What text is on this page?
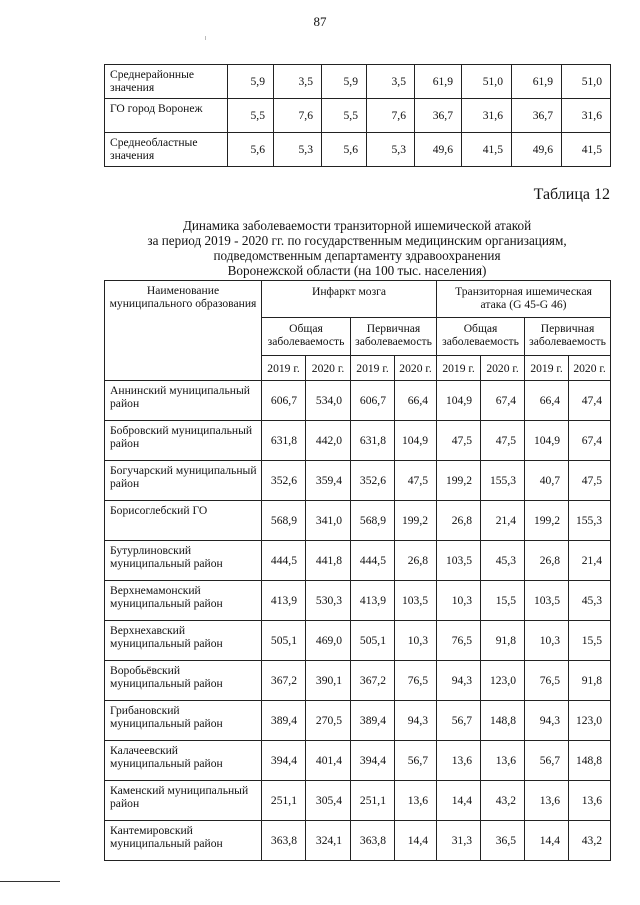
87
Среднерайонные значения	5,9	3,5	5,9	3,5	61,9	51,0	61,9	51,0
ГО город Воронеж	5,5	7,6	5,5	7,6	36,7	31,6	36,7	31,6
Среднеобластные значения	5,6	5,3	5,6	5,3	49,6	41,5	49,6	41,5
Таблица 12
Динамика заболеваемости транзиторной ишемической атакой
за период 2019 - 2020 гг. по государственным медицинским организациям,
подведомственным департаменту здравоохранения
Воронежской области (на 100 тыс. населения)
Наименование муниципального образования	Инфаркт мозга				Транзиторная ишемическая атака (G 45-G 46)			
	Общая заболеваемость		Первичная заболеваемость		Общая заболеваемость		Первичная заболеваемость	
	2019 г.	2020 г.	2019 г.	2020 г.	2019 г.	2020 г.	2019 г.	2020 г.
Аннинский муниципальный район	606,7	534,0	606,7	66,4	104,9	67,4	66,4	47,4
Бобровский муниципальный район	631,8	442,0	631,8	104,9	47,5	47,5	104,9	67,4
Богучарский муниципальный район	352,6	359,4	352,6	47,5	199,2	155,3	40,7	47,5
Борисоглебский ГО	568,9	341,0	568,9	199,2	26,8	21,4	199,2	155,3
Бутурлиновский муниципальный район	444,5	441,8	444,5	26,8	103,5	45,3	26,8	21,4
Верхнемамонский муниципальный район	413,9	530,3	413,9	103,5	10,3	15,5	103,5	45,3
Верхнехавский муниципальный район	505,1	469,0	505,1	10,3	76,5	91,8	10,3	15,5
Воробьёвский муниципальный район	367,2	390,1	367,2	76,5	94,3	123,0	76,5	91,8
Грибановский муниципальный район	389,4	270,5	389,4	94,3	56,7	148,8	94,3	123,0
Калачеевский муниципальный район	394,4	401,4	394,4	56,7	13,6	13,6	56,7	148,8
Каменский муниципальный район	251,1	305,4	251,1	13,6	14,4	43,2	13,6	13,6
Кантемировский муниципальный район	363,8	324,1	363,8	14,4	31,3	36,5	14,4	43,2
